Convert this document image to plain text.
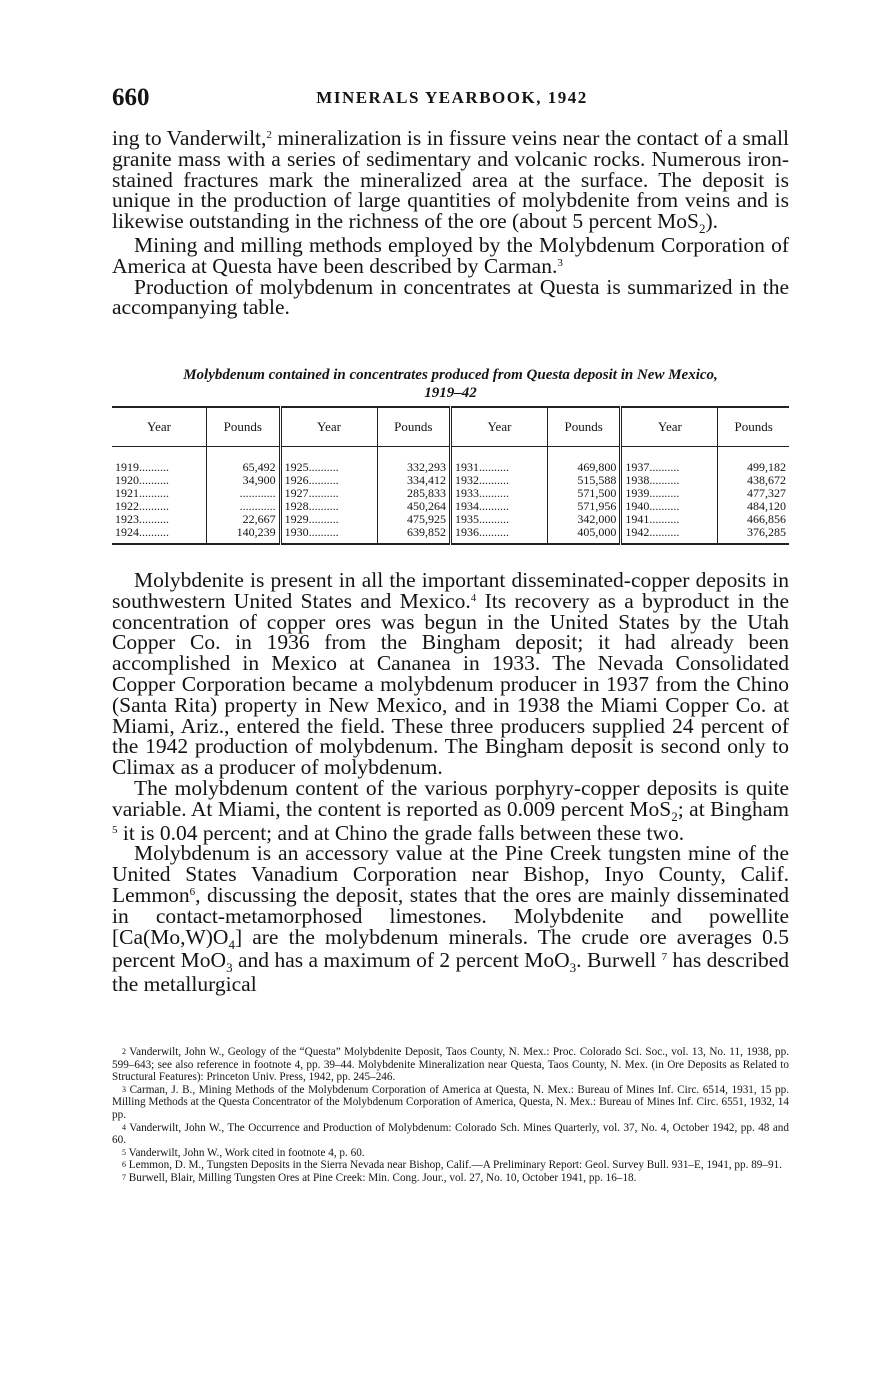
660	MINERALS YEARBOOK, 1942

ing to Vanderwilt,$^2$ mineralization is in fissure veins near the contact of a small granite mass with a series of sedimentary and volcanic rocks. Numerous iron-stained fractures mark the mineralized area at the surface. The deposit is unique in the production of large quantities of molybdenite from veins and is likewise outstanding in the richness of the ore (about 5 percent MoS$_2$).

Mining and milling methods employed by the Molybdenum Corporation of America at Questa have been described by Carman.$^3$

Production of molybdenum in concentrates at Questa is summarized in the accompanying table.

Molybdenum contained in concentrates produced from Questa deposit in New Mexico,
1919–42
Year	Pounds	Year	Pounds	Year	Pounds	Year	Pounds
1919..........	65,492	1925..........	332,293	1931..........	469,800	1937..........	499,182
1920..........	34,900	1926..........	334,412	1932..........	515,588	1938..........	438,672
1921..........	............	1927..........	285,833	1933..........	571,500	1939..........	477,327
1922..........	............	1928..........	450,264	1934..........	571,956	1940..........	484,120
1923..........	22,667	1929..........	475,925	1935..........	342,000	1941..........	466,856
1924..........	140,239	1930..........	639,852	1936..........	405,000	1942..........	376,285

Molybdenite is present in all the important disseminated-copper deposits in southwestern United States and Mexico.$^4$ Its recovery as a byproduct in the concentration of copper ores was begun in the United States by the Utah Copper Co. in 1936 from the Bingham deposit; it had already been accomplished in Mexico at Cananea in 1933. The Nevada Consolidated Copper Corporation became a molybdenum producer in 1937 from the Chino (Santa Rita) property in New Mexico, and in 1938 the Miami Copper Co. at Miami, Ariz., entered the field. These three producers supplied 24 percent of the 1942 production of molybdenum. The Bingham deposit is second only to Climax as a producer of molybdenum.

The molybdenum content of the various porphyry-copper deposits is quite variable. At Miami, the content is reported as 0.009 percent MoS$_2$; at Bingham $^5$ it is 0.04 percent; and at Chino the grade falls between these two.

Molybdenum is an accessory value at the Pine Creek tungsten mine of the United States Vanadium Corporation near Bishop, Inyo County, Calif. Lemmon$^6$, discussing the deposit, states that the ores are mainly disseminated in contact-metamorphosed limestones. Molybdenite and powellite $[Ca(Mo,W)O_4]$ are the molybdenum minerals. The crude ore averages 0.5 percent MoO$_3$ and has a maximum of 2 percent MoO$_3$. Burwell $^7$ has described the metallurgical

$^2$ Vanderwilt, John W., Geology of the “Questa” Molybdenite Deposit, Taos County, N. Mex.: Proc. Colorado Sci. Soc., vol. 13, No. 11, 1938, pp. 599–643; see also reference in footnote 4, pp. 39–44. Molybdenite Mineralization near Questa, Taos County, N. Mex. (in Ore Deposits as Related to Structural Features): Princeton Univ. Press, 1942, pp. 245–246.

$^3$ Carman, J. B., Mining Methods of the Molybdenum Corporation of America at Questa, N. Mex.: Bureau of Mines Inf. Circ. 6514, 1931, 15 pp. Milling Methods at the Questa Concentrator of the Molybdenum Corporation of America, Questa, N. Mex.: Bureau of Mines Inf. Circ. 6551, 1932, 14 pp.

$^4$ Vanderwilt, John W., The Occurrence and Production of Molybdenum: Colorado Sch. Mines Quarterly, vol. 37, No. 4, October 1942, pp. 48 and 60.

$^5$ Vanderwilt, John W., Work cited in footnote 4, p. 60.

$^6$ Lemmon, D. M., Tungsten Deposits in the Sierra Nevada near Bishop, Calif.—A Preliminary Report: Geol. Survey Bull. 931–E, 1941, pp. 89–91.

$^7$ Burwell, Blair, Milling Tungsten Ores at Pine Creek: Min. Cong. Jour., vol. 27, No. 10, October 1941, pp. 16–18.
